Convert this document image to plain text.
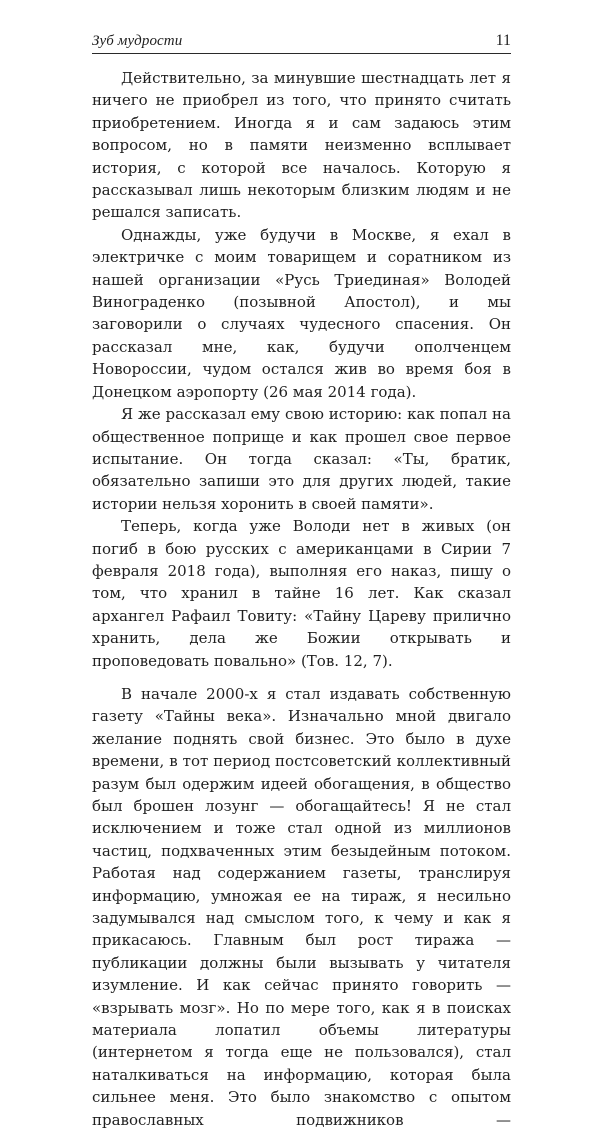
Зуб мудрости	11

Действительно, за минувшие шестнадцать лет я ничего не приобрел из того, что принято считать приобретением. Иногда я и сам задаюсь этим вопросом, но в памяти неизменно всплывает история, с которой все началось. Которую я рассказывал лишь некоторым близким людям и не решался записать.

Однажды, уже будучи в Москве, я ехал в электричке с моим товарищем и соратником из нашей организации «Русь Триединая» Володей Винограденко (позывной Апостол), и мы заговорили о случаях чудесного спасения. Он рассказал мне, как, будучи ополченцем Новороссии, чудом остался жив во время боя в Донецком аэропорту (26 мая 2014 года).

Я же рассказал ему свою историю: как попал на общественное поприще и как прошел свое первое испытание. Он тогда сказал: «Ты, братик, обязательно запиши это для других людей, такие истории нельзя хоронить в своей памяти».

Теперь, когда уже Володи нет в живых (он погиб в бою русских с американцами в Сирии 7 февраля 2018 года), выполняя его наказ, пишу о том, что хранил в тайне 16 лет. Как сказал архангел Рафаил Товиту: «Тайну Цареву прилично хранить, дела же Божии открывать и проповедовать повально» (Тов. 12, 7).

В начале 2000-х я стал издавать собственную газету «Тайны века». Изначально мной двигало желание поднять свой бизнес. Это было в духе времени, в тот период постсоветский коллективный разум был одержим идеей обогащения, в общество был брошен лозунг — обогащайтесь! Я не стал исключением и тоже стал одной из миллионов частиц, подхваченных этим безыдейным потоком. Работая над содержанием газеты, транслируя информацию, умножая ее на тираж, я несильно задумывался над смыслом того, к чему и как я прикасаюсь. Главным был рост тиража — публикации должны были вызывать у читателя изумление. И как сейчас принято говорить — «взрывать мозг». Но по мере того, как я в поисках материала лопатил объемы литературы (интернетом я тогда еще не пользовался), стал наталкиваться на информацию, которая была сильнее меня. Это было знакомство с опытом православных подвижников —
